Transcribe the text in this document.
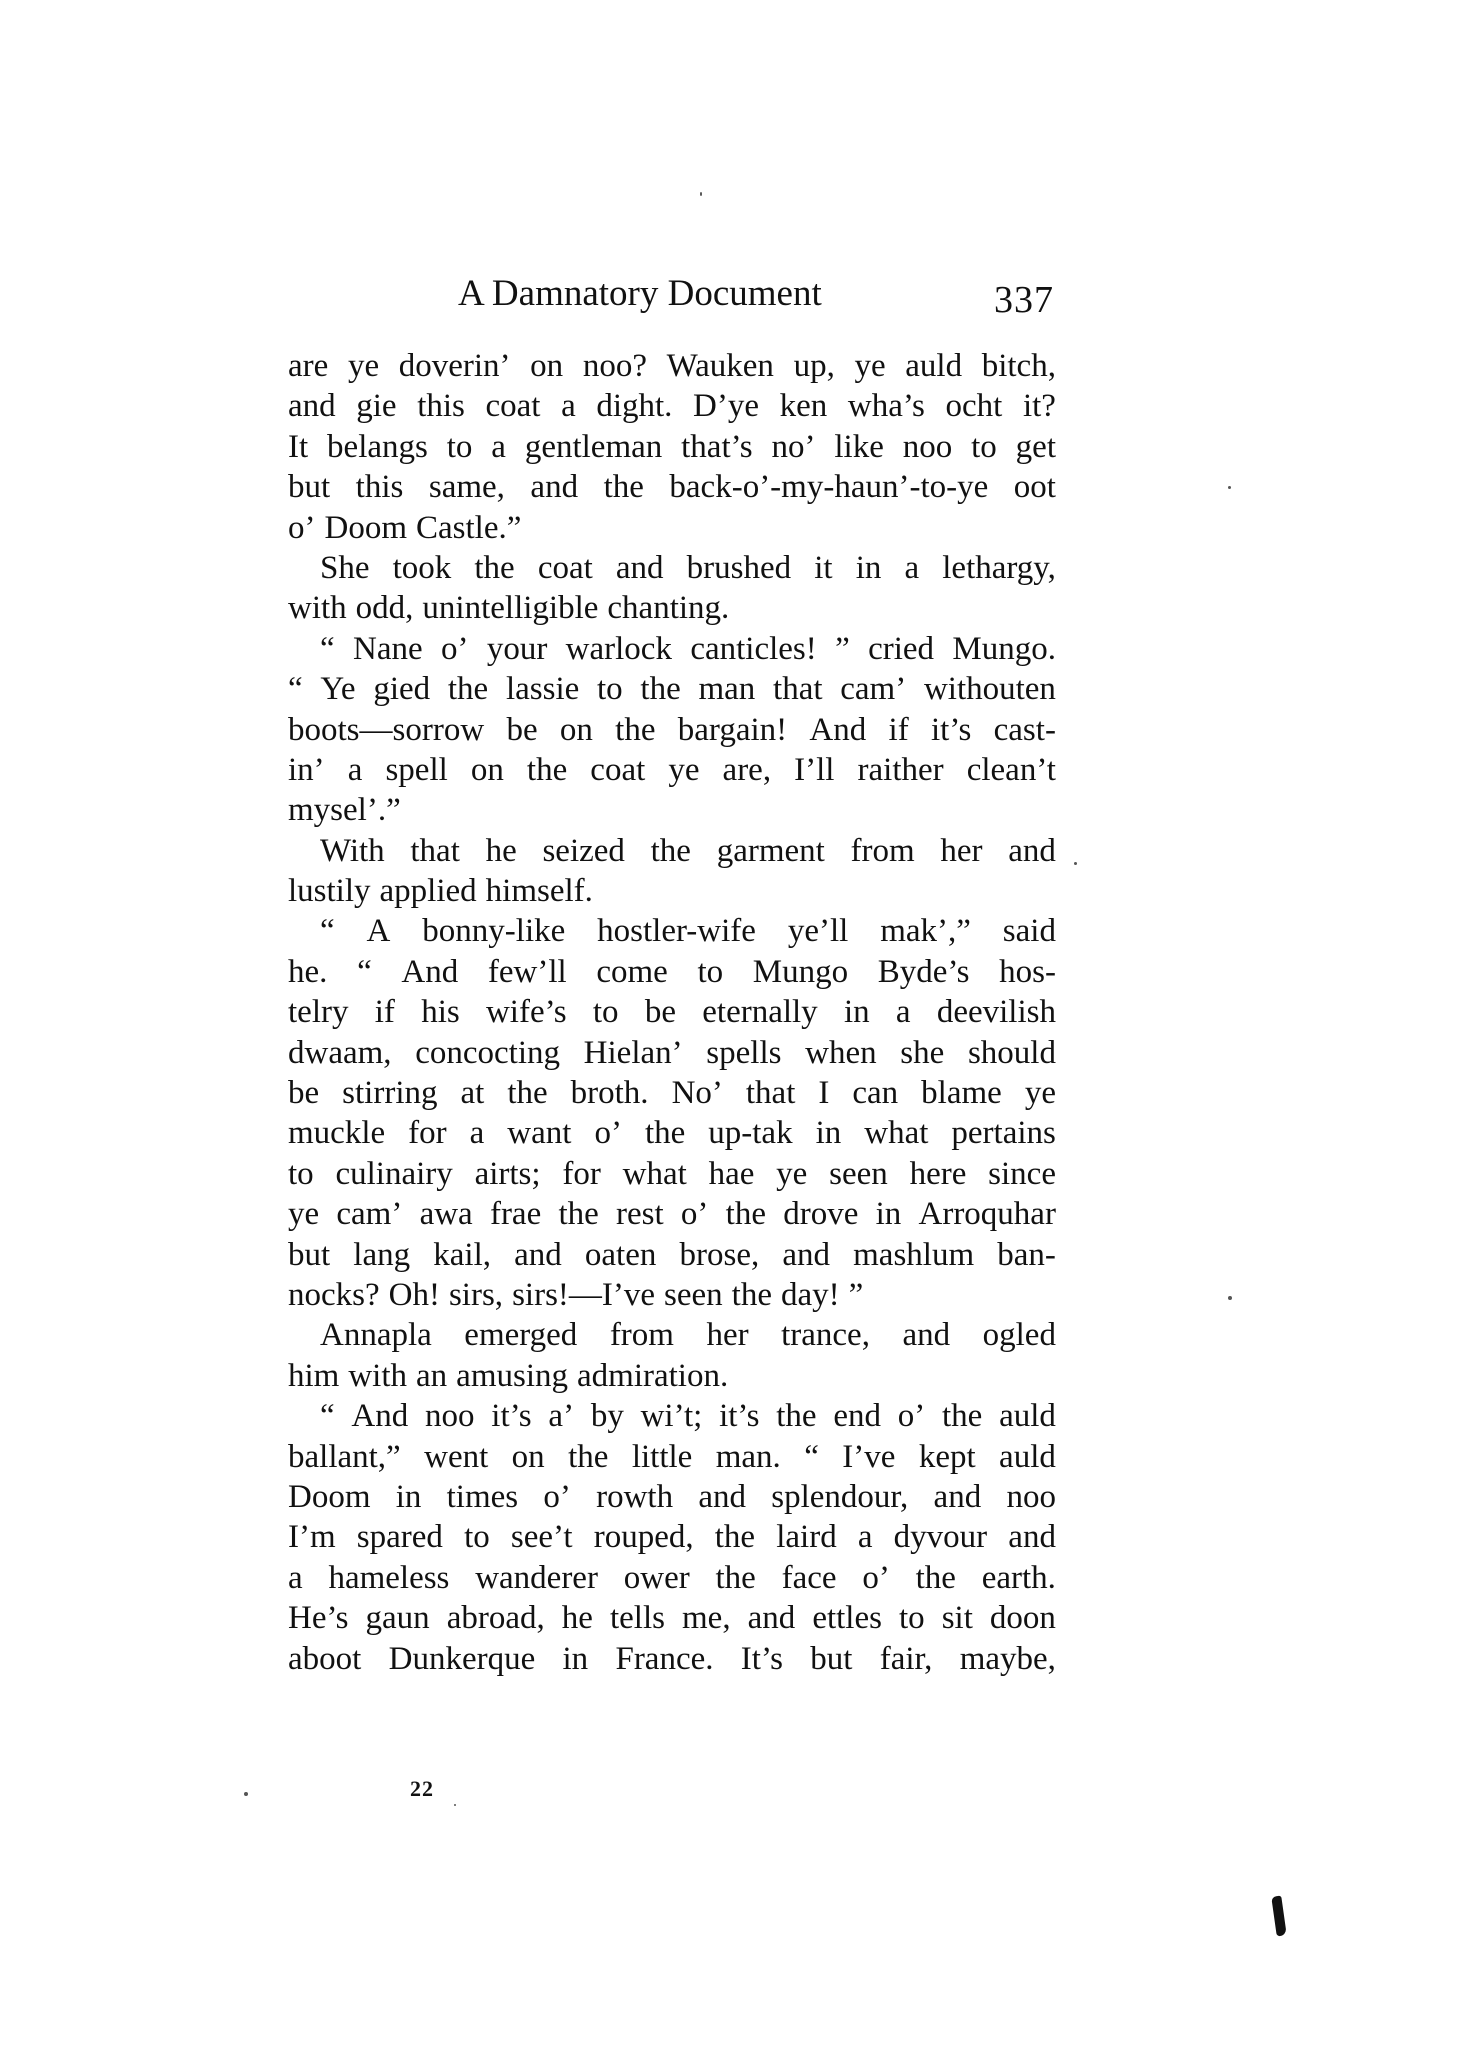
A Damnatory Document	337
are ye doverin’ on noo? Wauken up, ye auld bitch,
and gie this coat a dight. D’ye ken wha’s ocht it?
It belangs to a gentleman that’s no’ like noo to get
but this same, and the back-o’-my-haun’-to-ye oot
o’ Doom Castle.”
She took the coat and brushed it in a lethargy,
with odd, unintelligible chanting.
“ Nane o’ your warlock canticles! ” cried Mungo.
“ Ye gied the lassie to the man that cam’ withouten
boots—sorrow be on the bargain! And if it’s cast-
in’ a spell on the coat ye are, I’ll raither clean’t
mysel’.”
With that he seized the garment from her and
lustily applied himself.
“ A bonny-like hostler-wife ye’ll mak’,” said
he. “ And few’ll come to Mungo Byde’s hos-
telry if his wife’s to be eternally in a deevilish
dwaam, concocting Hielan’ spells when she should
be stirring at the broth. No’ that I can blame ye
muckle for a want o’ the up-tak in what pertains
to culinairy airts; for what hae ye seen here since
ye cam’ awa frae the rest o’ the drove in Arroquhar
but lang kail, and oaten brose, and mashlum ban-
nocks? Oh! sirs, sirs!—I’ve seen the day! ”
Annapla emerged from her trance, and ogled
him with an amusing admiration.
“ And noo it’s a’ by wi’t; it’s the end o’ the auld
ballant,” went on the little man. “ I’ve kept auld
Doom in times o’ rowth and splendour, and noo
I’m spared to see’t rouped, the laird a dyvour and
a hameless wanderer ower the face o’ the earth.
He’s gaun abroad, he tells me, and ettles to sit doon
aboot Dunkerque in France. It’s but fair, maybe,
22
